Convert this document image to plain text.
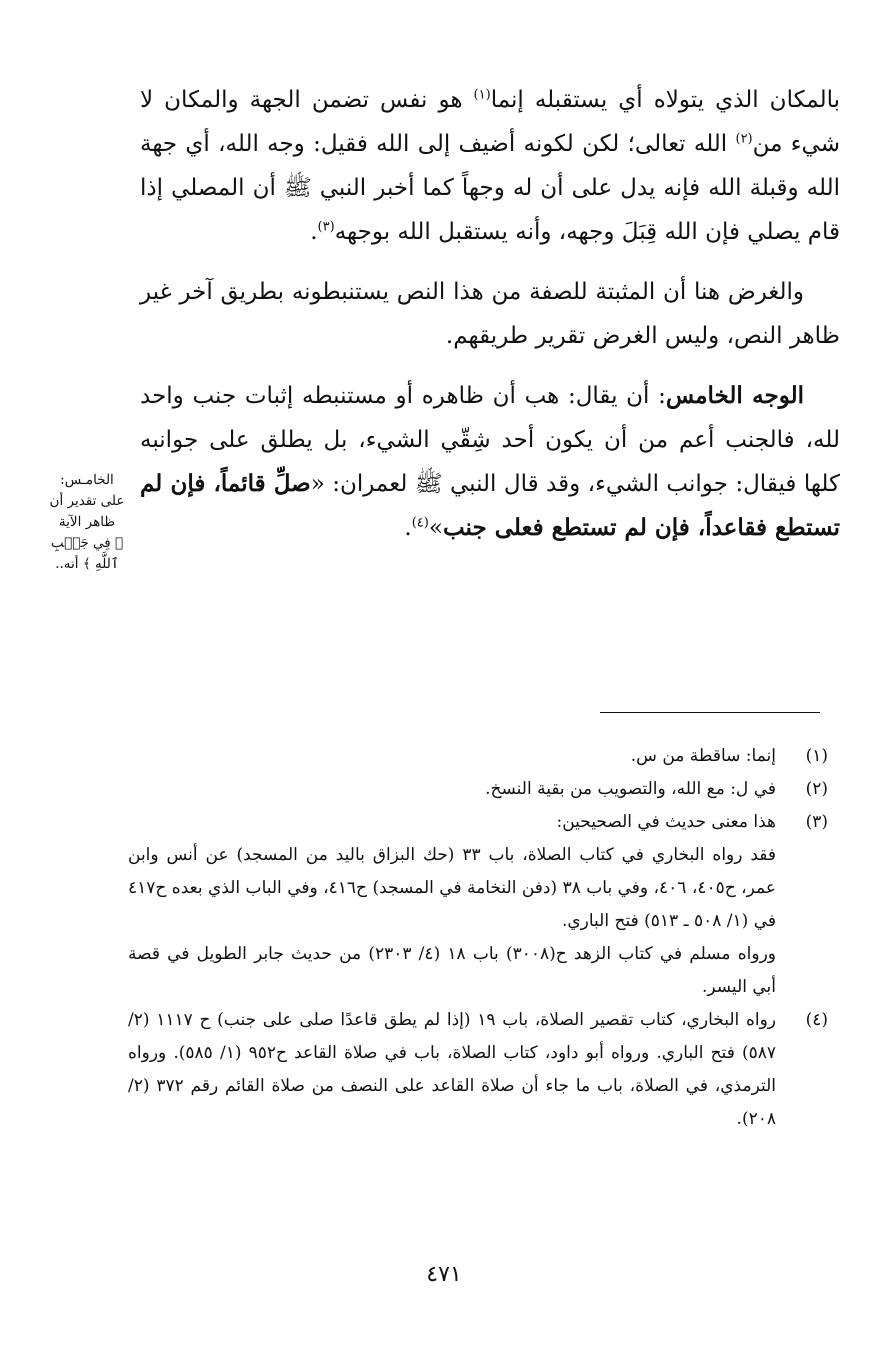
بالمكان الذي يتولاه أي يستقبله إنما$^{(١)}$ هو نفس تضمن الجهة والمكان لا شيء من$^{(٢)}$ الله تعالى؛ لكن لكونه أضيف إلى الله فقيل: وجه الله، أي جهة الله وقبلة الله فإنه يدل على أن له وجهاً كما أخبر النبي ﷺ أن المصلي إذا قام يصلي فإن الله قِبَلَ وجهه، وأنه يستقبل الله بوجهه$^{(٣)}$.

والغرض هنا أن المثبتة للصفة من هذا النص يستنبطونه بطريق آخر غير ظاهر النص، وليس الغرض تقرير طريقهم.

الوجه الخامس: أن يقال: هب أن ظاهره أو مستنبطه إثبات جنب واحد لله، فالجنب أعم من أن يكون أحد شِقّي الشيء، بل يطلق على جوانبه كلها فيقال: جوانب الشيء، وقد قال النبي ﷺ لعمران: «صلِّ قائماً، فإن لم تستطع فقاعداً، فإن لم تستطع فعلى جنب»$^{(٤)}$.

الخامـس:
على تقدير أن
ظاهر الآية
﴿ فِي جَنۢبِ
ٱللَّهِ ﴾ أنه..
(١)
إنما: ساقطة من س.
(٢)
في ل: مع الله، والتصويب من بقية النسخ.
(٣)
هذا معنى حديث في الصحيحين:
فقد رواه البخاري في كتاب الصلاة، باب ٣٣ (حك البزاق باليد من المسجد) عن أنس وابن عمر، ح٤٠٥، ٤٠٦، وفي باب ٣٨ (دفن النخامة في المسجد) ح٤١٦، وفي الباب الذي بعده ح٤١٧ في (١/ ٥٠٨ ـ ٥١٣) فتح الباري.
ورواه مسلم في كتاب الزهد ح(٣٠٠٨) باب ١٨ (٤/ ٢٣٠٣) من حديث جابر الطويل في قصة أبي اليسر.
(٤)
رواه البخاري، كتاب تقصير الصلاة، باب ١٩ (إذا لم يطق قاعدًا صلى على جنب) ح ١١١٧ (٢/ ٥٨٧) فتح الباري. ورواه أبو داود، كتاب الصلاة، باب في صلاة القاعد ح٩٥٢ (١/ ٥٨٥). ورواه الترمذي، في الصلاة، باب ما جاء أن صلاة القاعد على النصف من صلاة القائم رقم ٣٧٢ (٢/ ٢٠٨).
٤٧١
